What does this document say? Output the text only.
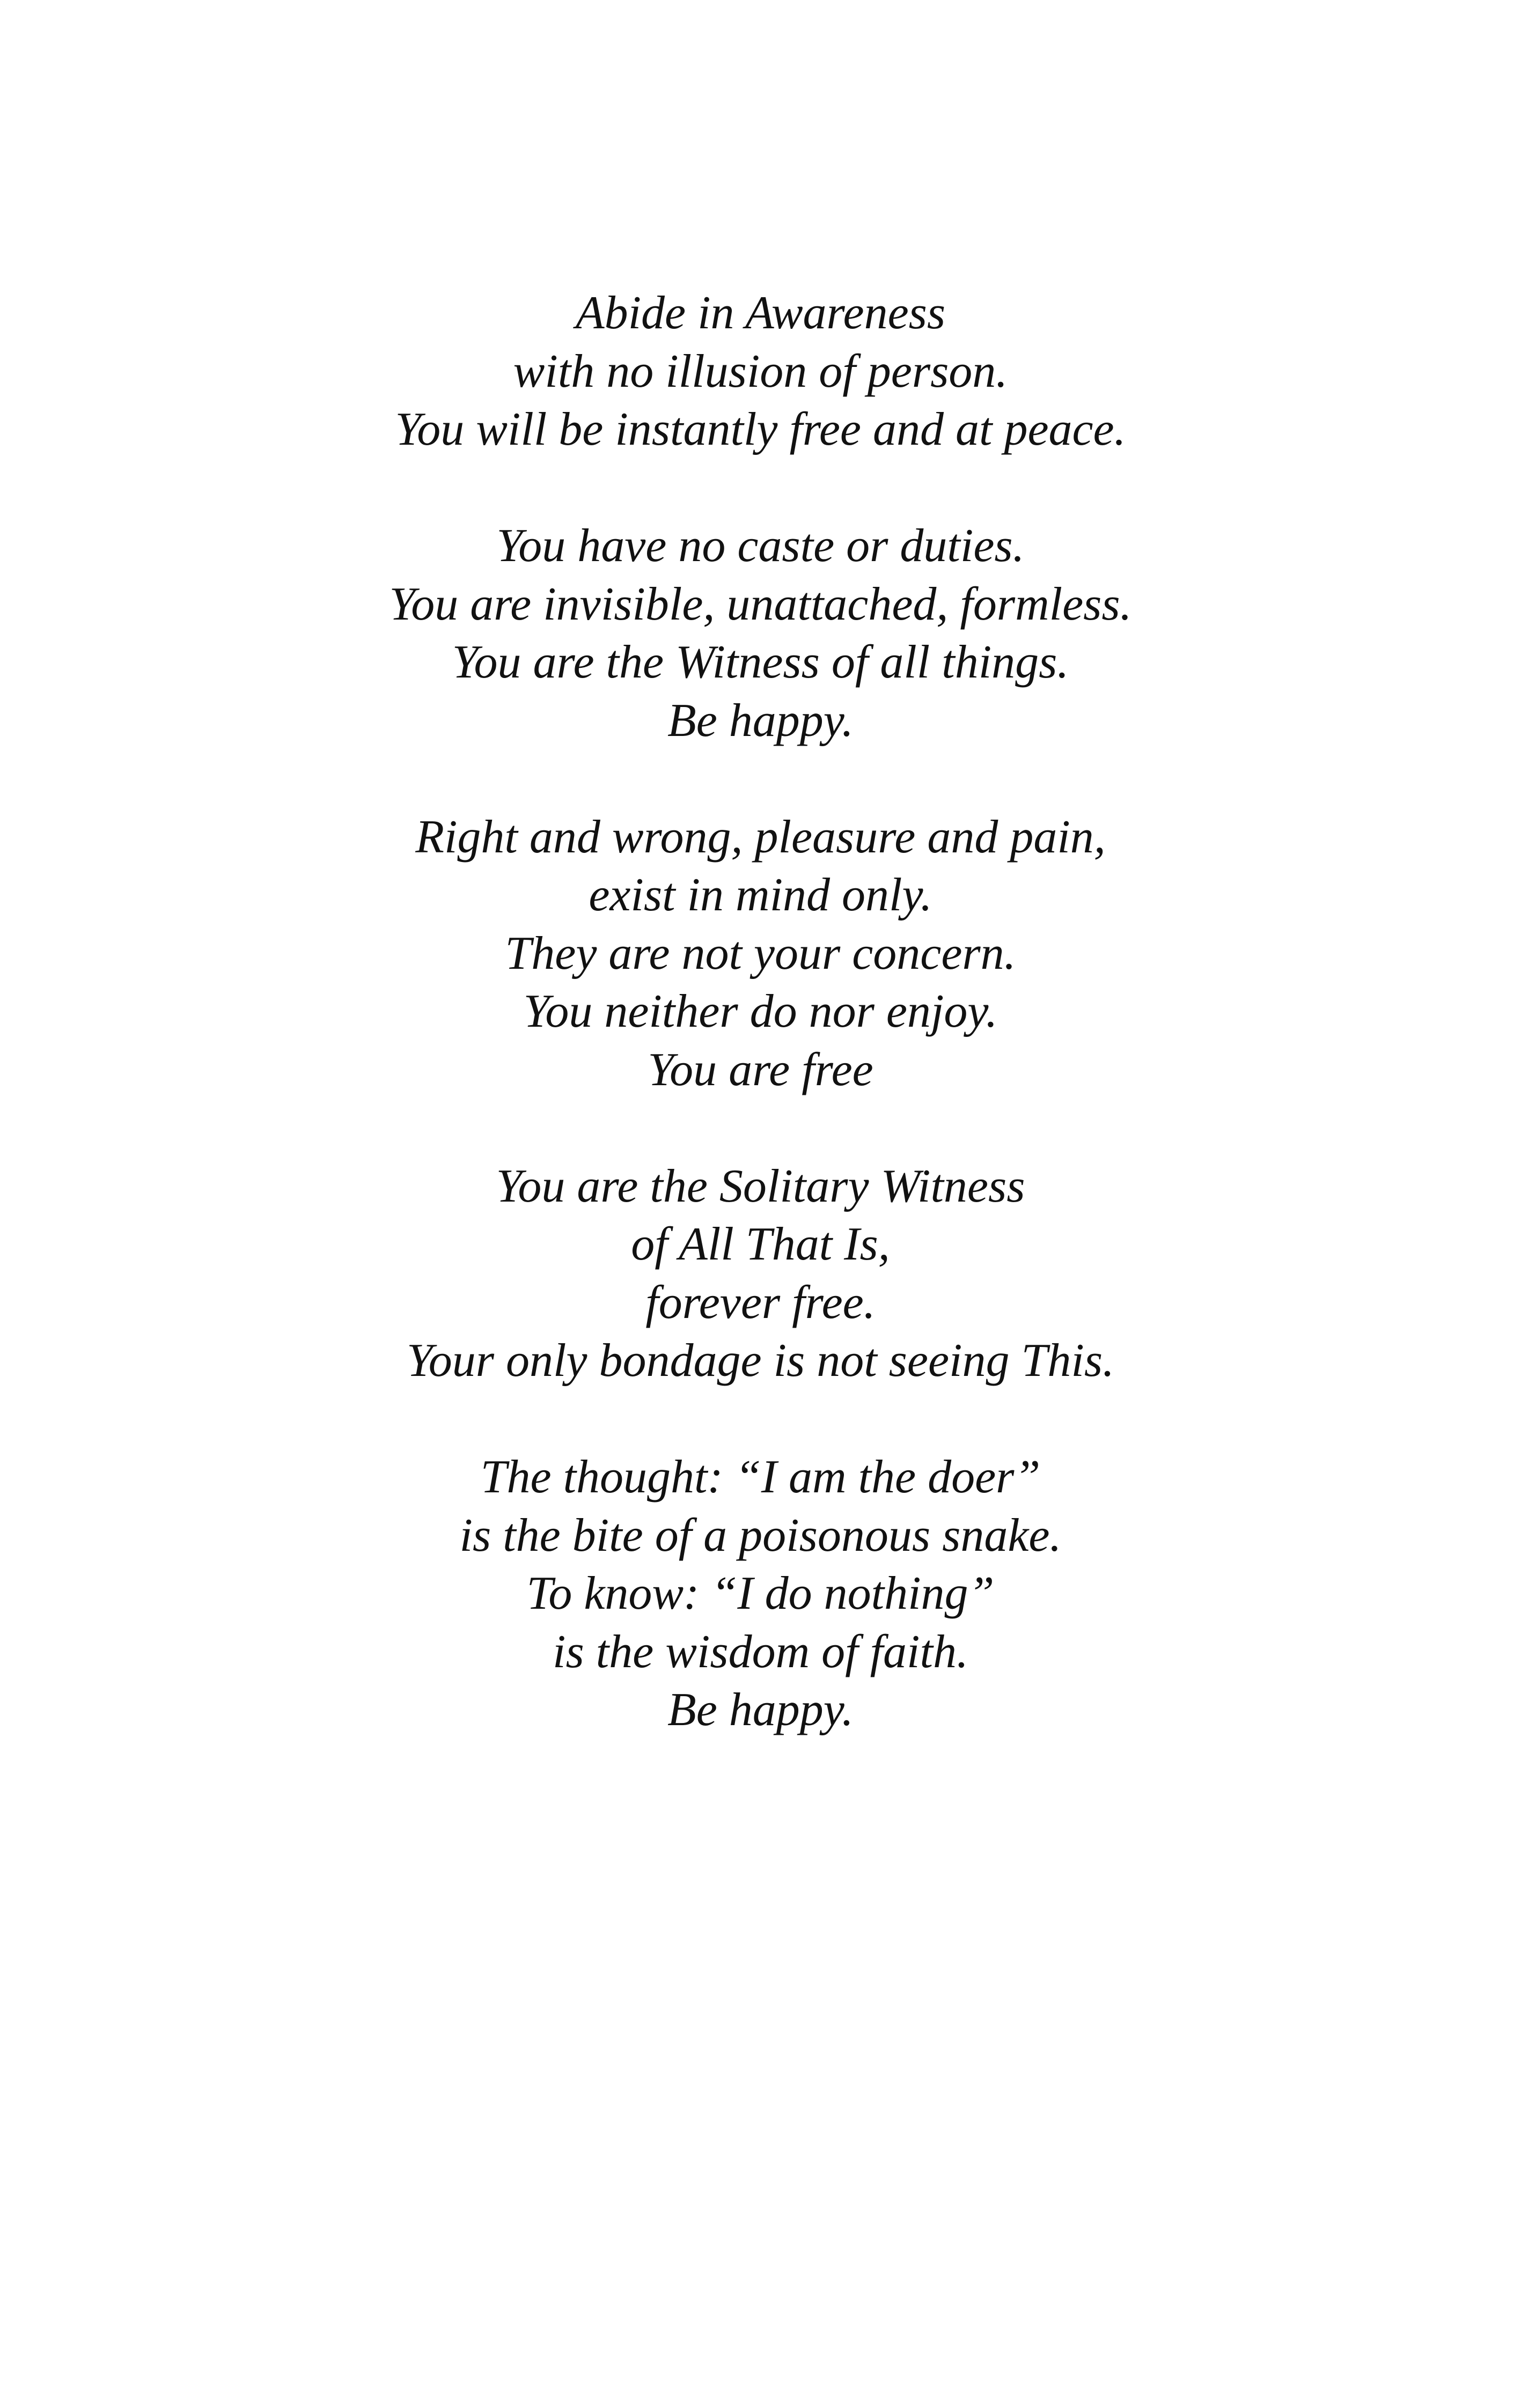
Abide in Awareness
with no illusion of person.
You will be instantly free and at peace.
You have no caste or duties.
You are invisible, unattached, formless.
You are the Witness of all things.
Be happy.
Right and wrong, pleasure and pain,
exist in mind only.
They are not your concern.
You neither do nor enjoy.
You are free
You are the Solitary Witness
of All That Is,
forever free.
Your only bondage is not seeing This.
The thought: “I am the doer”
is the bite of a poisonous snake.
To know: “I do nothing”
is the wisdom of faith.
Be happy.
